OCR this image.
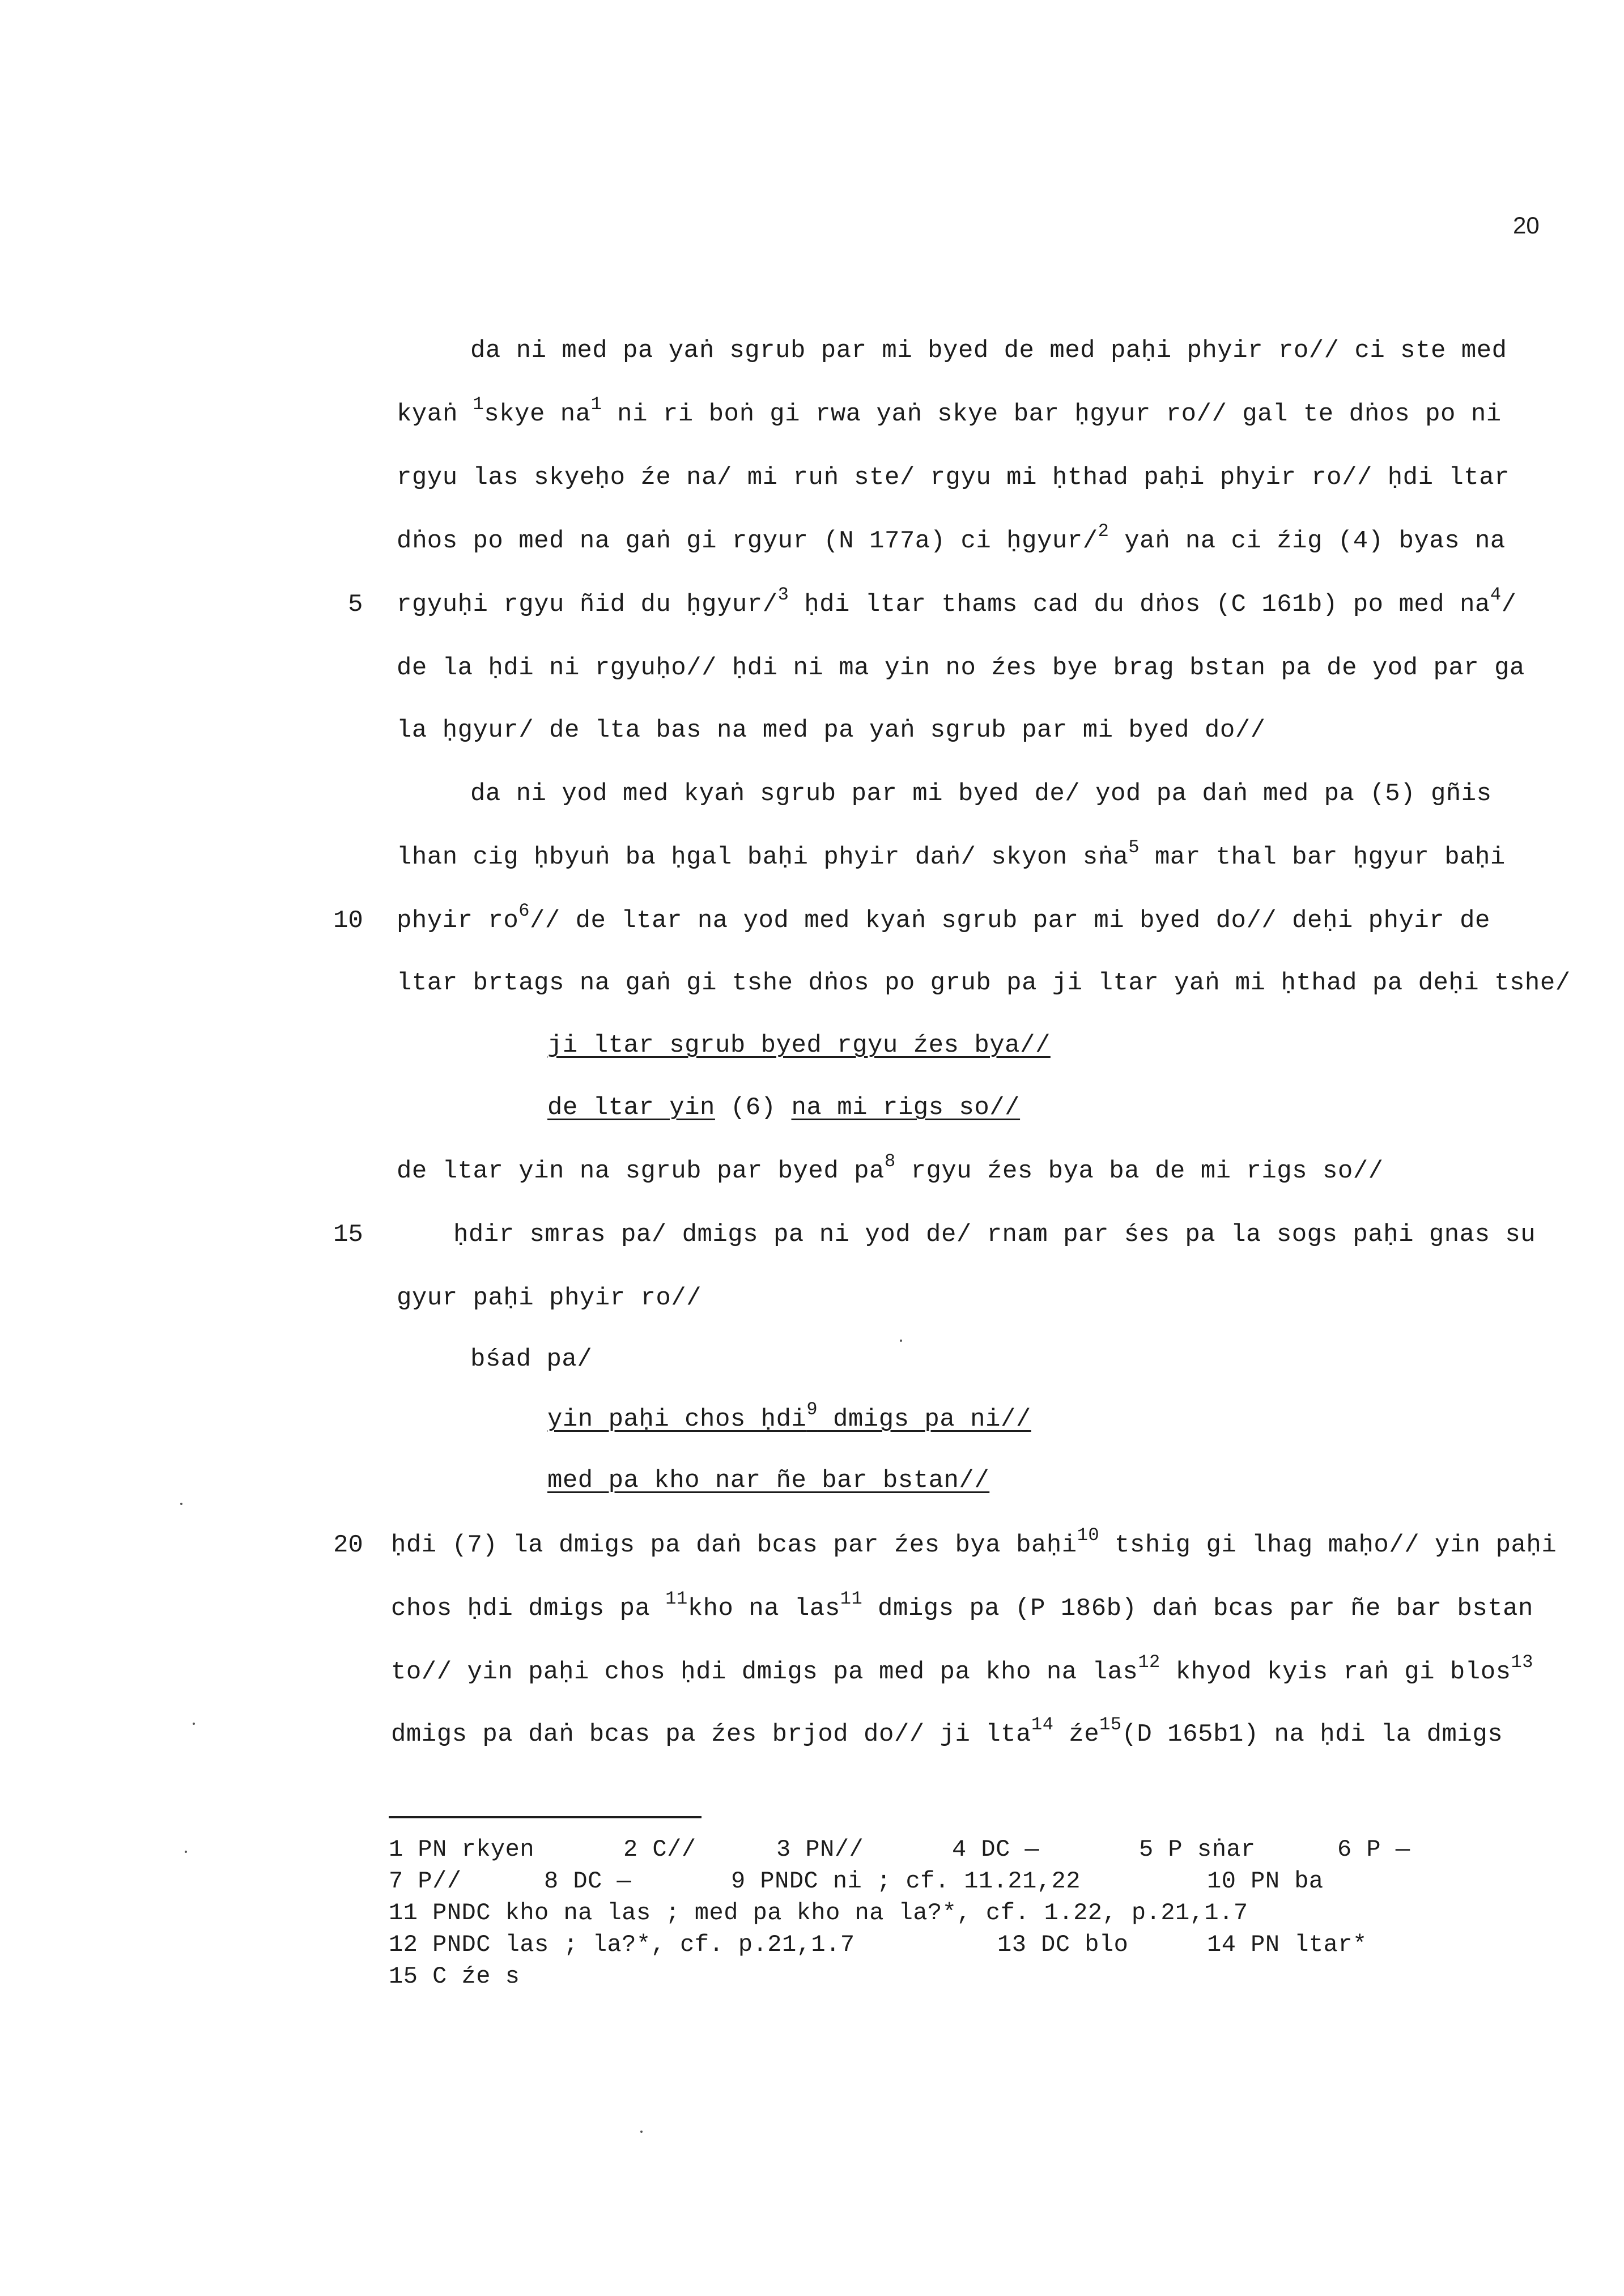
20
da ni med pa yaṅ sgrub par mi byed de med paḥi phyir ro// ci ste med
kyaṅ $^1$skye $na^1$ ni ri boṅ gi rwa yaṅ skye bar ḥgyur ro// gal te dṅos po ni
rgyu las skyeḥo źe na/ mi ruṅ ste/ rgyu mi ḥthad paḥi phyir ro// ḥdi ltar
dṅos po med na gaṅ gi rgyur (N 177a) ci ḥgyur/$^2$ yaṅ na ci źig (4) byas na
5 rgyuḥi rgyu ñid du ḥgyur/$^3$ ḥdi ltar thams cad du dṅos (C 161b) po med $na^4/$
de la ḥdi ni rgyuḥo// ḥdi ni ma yin no źes bye brag bstan pa de yod par ga
la ḥgyur/ de lta bas na med pa yaṅ sgrub par mi byed do//
da ni yod med kyaṅ sgrub par mi byed de/ yod pa daṅ med pa (5) gñis
lhan cig ḥbyuṅ ba ḥgal baḥi phyir daṅ/ skyon sṅa$^5$ mar thal bar ḥgyur baḥi
10 phyir $ro^6//$ de ltar na yod med kyaṅ sgrub par mi byed do// deḥi phyir de
ltar brtags na gaṅ gi tshe dṅos po grub pa ji ltar yaṅ mi ḥthad pa deḥi tshe/
ji ltar sgrub byed rgyu źes bya//
de ltar yin (6) na mi rigs so//
de ltar yin na sgrub par byed $pa^8$ rgyu źes bya ba de mi rigs so//
15	ḥdir smras pa/ dmigs pa ni yod de/ rnam par śes pa la sogs paḥi gnas su
gyur paḥi phyir ro//
bśad pa/
yin paḥi chos ḥdi$^9$ dmigs pa ni//
med pa kho nar ñe bar bstan//
20 ḥdi (7) la dmigs pa daṅ bcas par źes bya baḥi$^{10}$ tshig gi lhag maḥo// yin paḥi
chos ḥdi dmigs pa $^{11}$kho na las$^{11}$ dmigs pa (P 186b) daṅ bcas par ñe bar bstan
to// yin paḥi chos ḥdi dmigs pa med pa kho na las$^{12}$ khyod kyis raṅ gi blos$^{13}$
dmigs pa daṅ bcas pa źes brjod do// ji lta$^{14}$ $źe^{15}(D$ 165b1) na ḥdi la dmigs
1 PN rkyen	2 C//	3 PN//	4 DC —	5 P sṅar	6 P —
7 P//	8 DC —	9 PNDC ni ; cf. 11.21,22	10 PN ba
11 PNDC kho na las ; med pa kho na la?*, cf. 1.22, p.21,1.7
12 PNDC las ; la?*, cf. p.21,1.7	13 DC blo	14 PN ltar*
15 C źe s
